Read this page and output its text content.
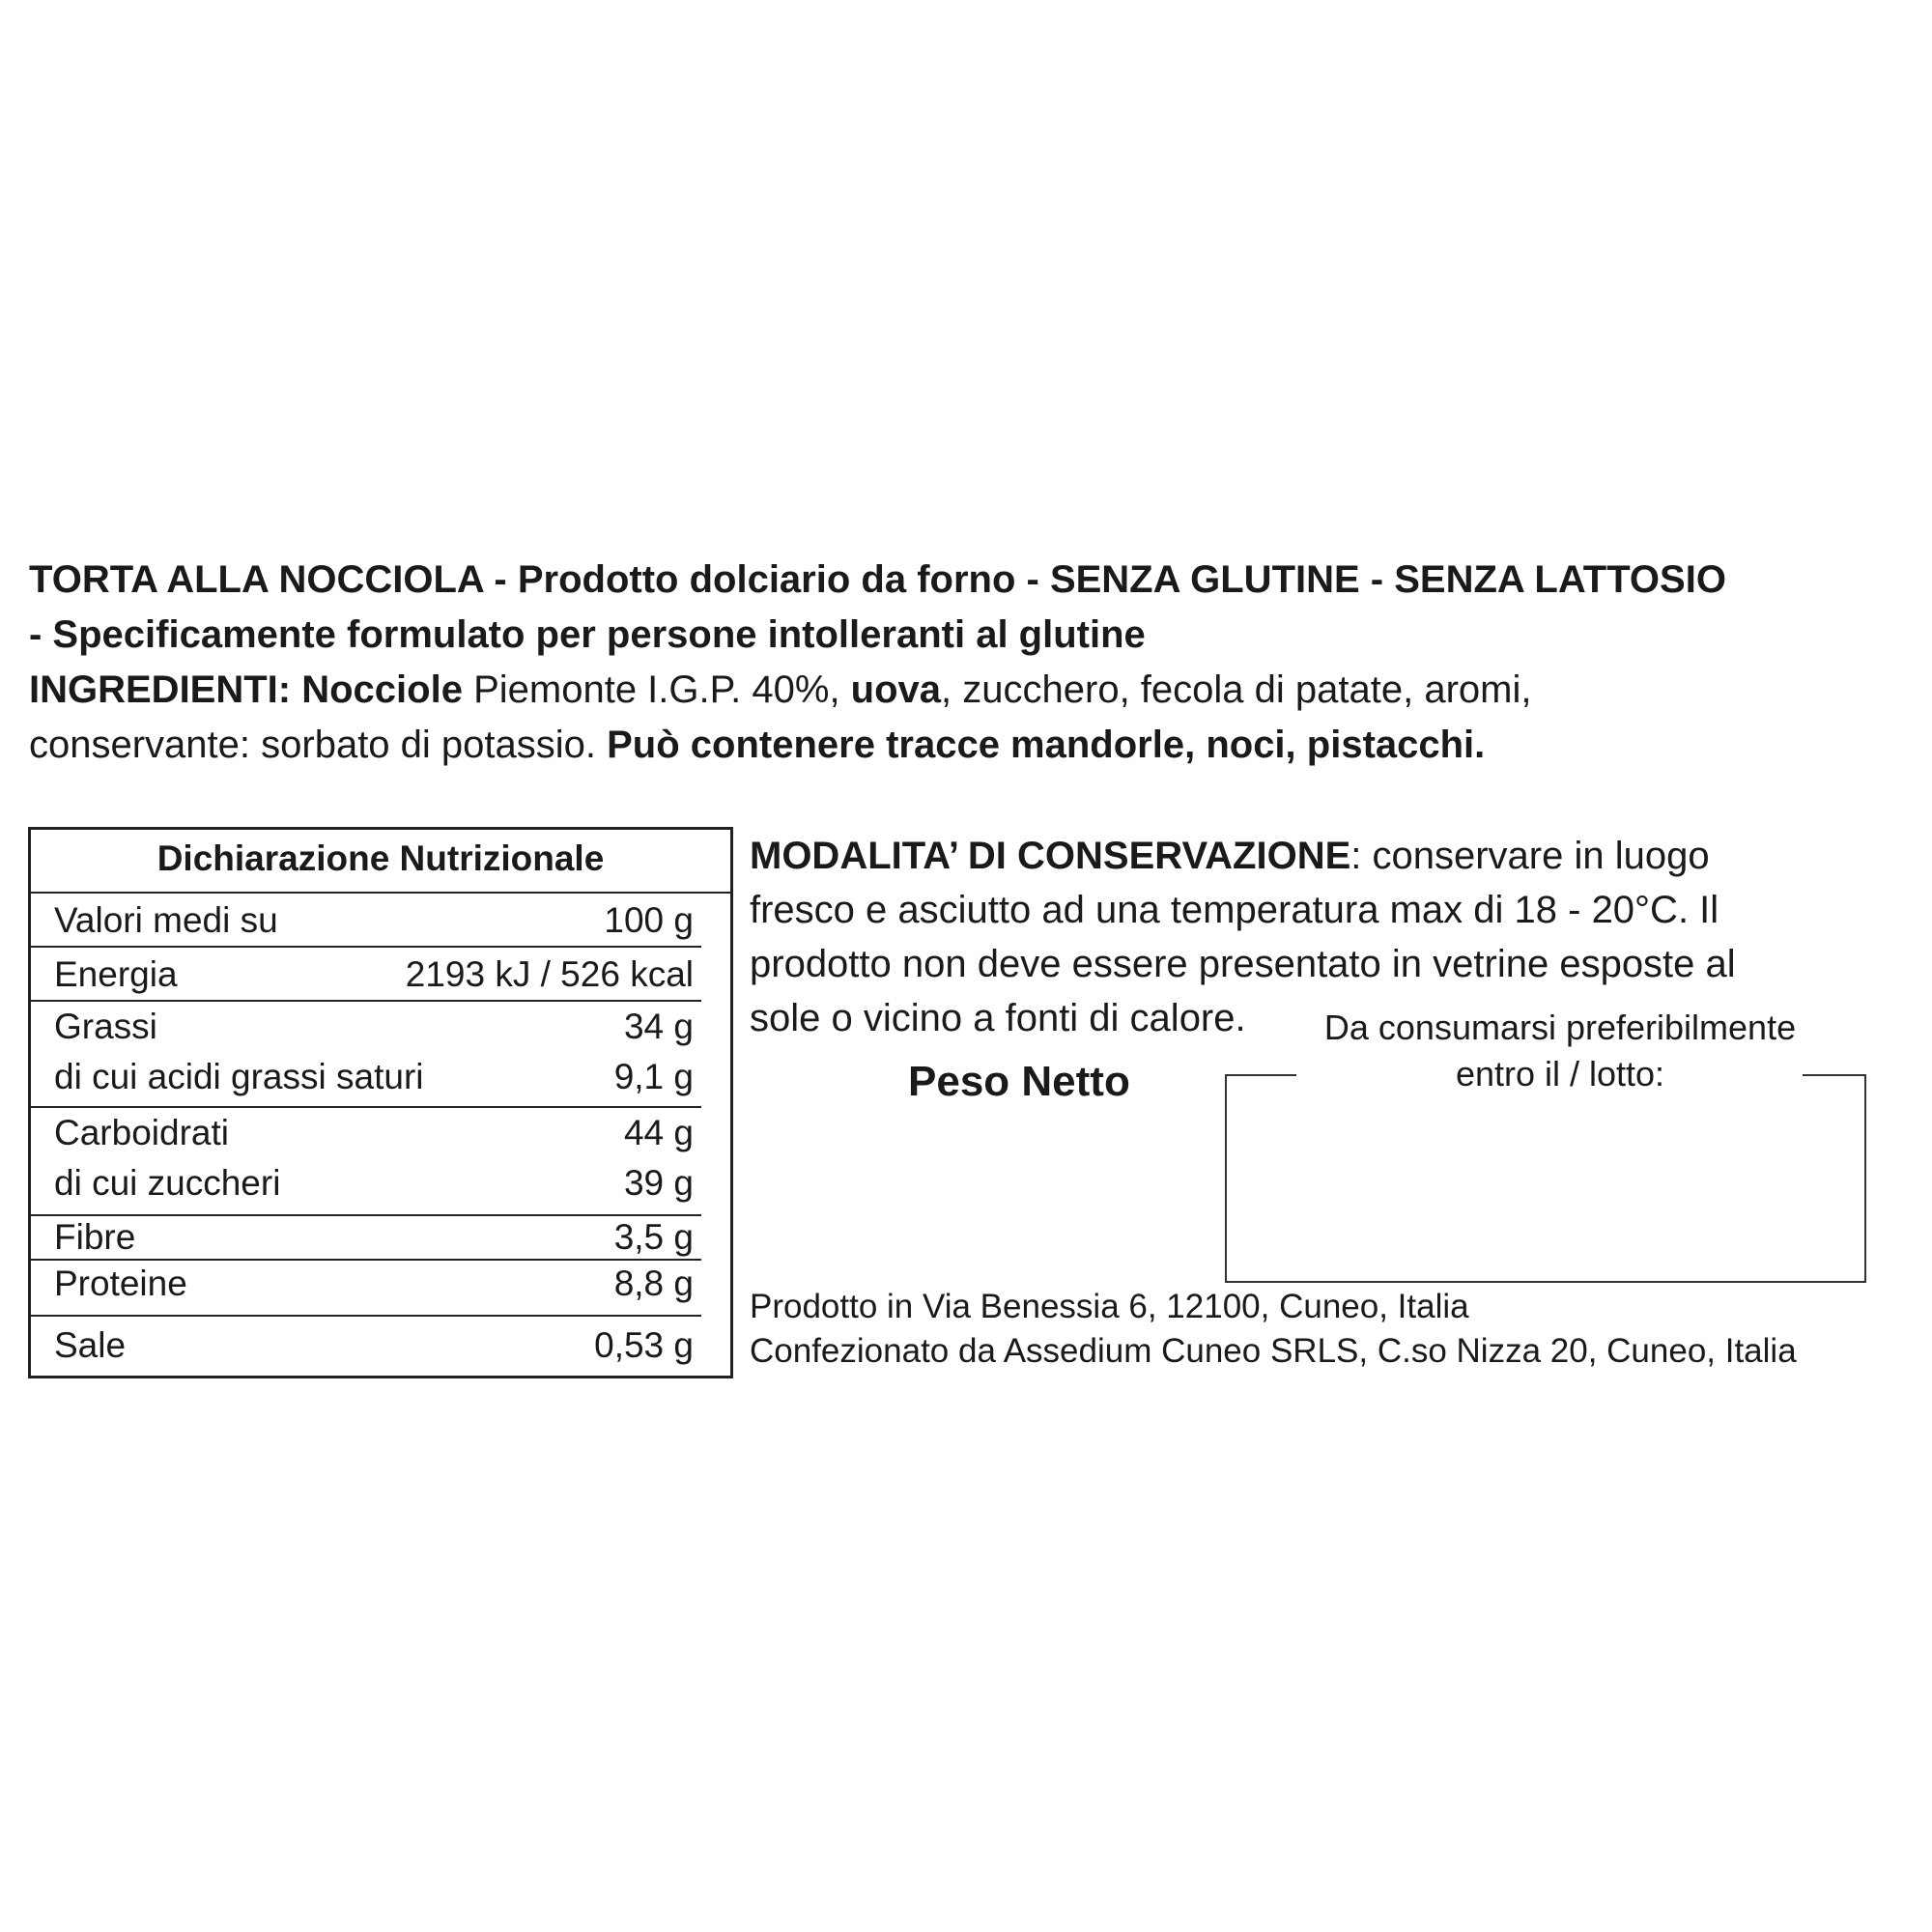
TORTA ALLA NOCCIOLA - Prodotto dolciario da forno - SENZA GLUTINE - SENZA LATTOSIO
- Specificamente formulato per persone intolleranti al glutine
INGREDIENTI: Nocciole Piemonte I.G.P. 40%, uova, zucchero, fecola di patate, aromi,
conservante: sorbato di potassio. Può contenere tracce mandorle, noci, pistacchi.
Dichiarazione Nutrizionale
Valori medi su	100 g
Energia	2193 kJ / 526 kcal
Grassi	34 g
di cui acidi grassi saturi	9,1 g
Carboidrati	44 g
di cui zuccheri	39 g
Fibre	3,5 g
Proteine	8,8 g
Sale	0,53 g
MODALITA’ DI CONSERVAZIONE: conservare in luogo
fresco e asciutto ad una temperatura max di 18 - 20°C. Il
prodotto non deve essere presentato in vetrine esposte al
sole o vicino a fonti di calore.	Da consumarsi preferibilmente
entro il / lotto:
Peso Netto
Prodotto in Via Benessia 6, 12100, Cuneo, Italia
Confezionato da Assedium Cuneo SRLS, C.so Nizza 20, Cuneo, Italia
